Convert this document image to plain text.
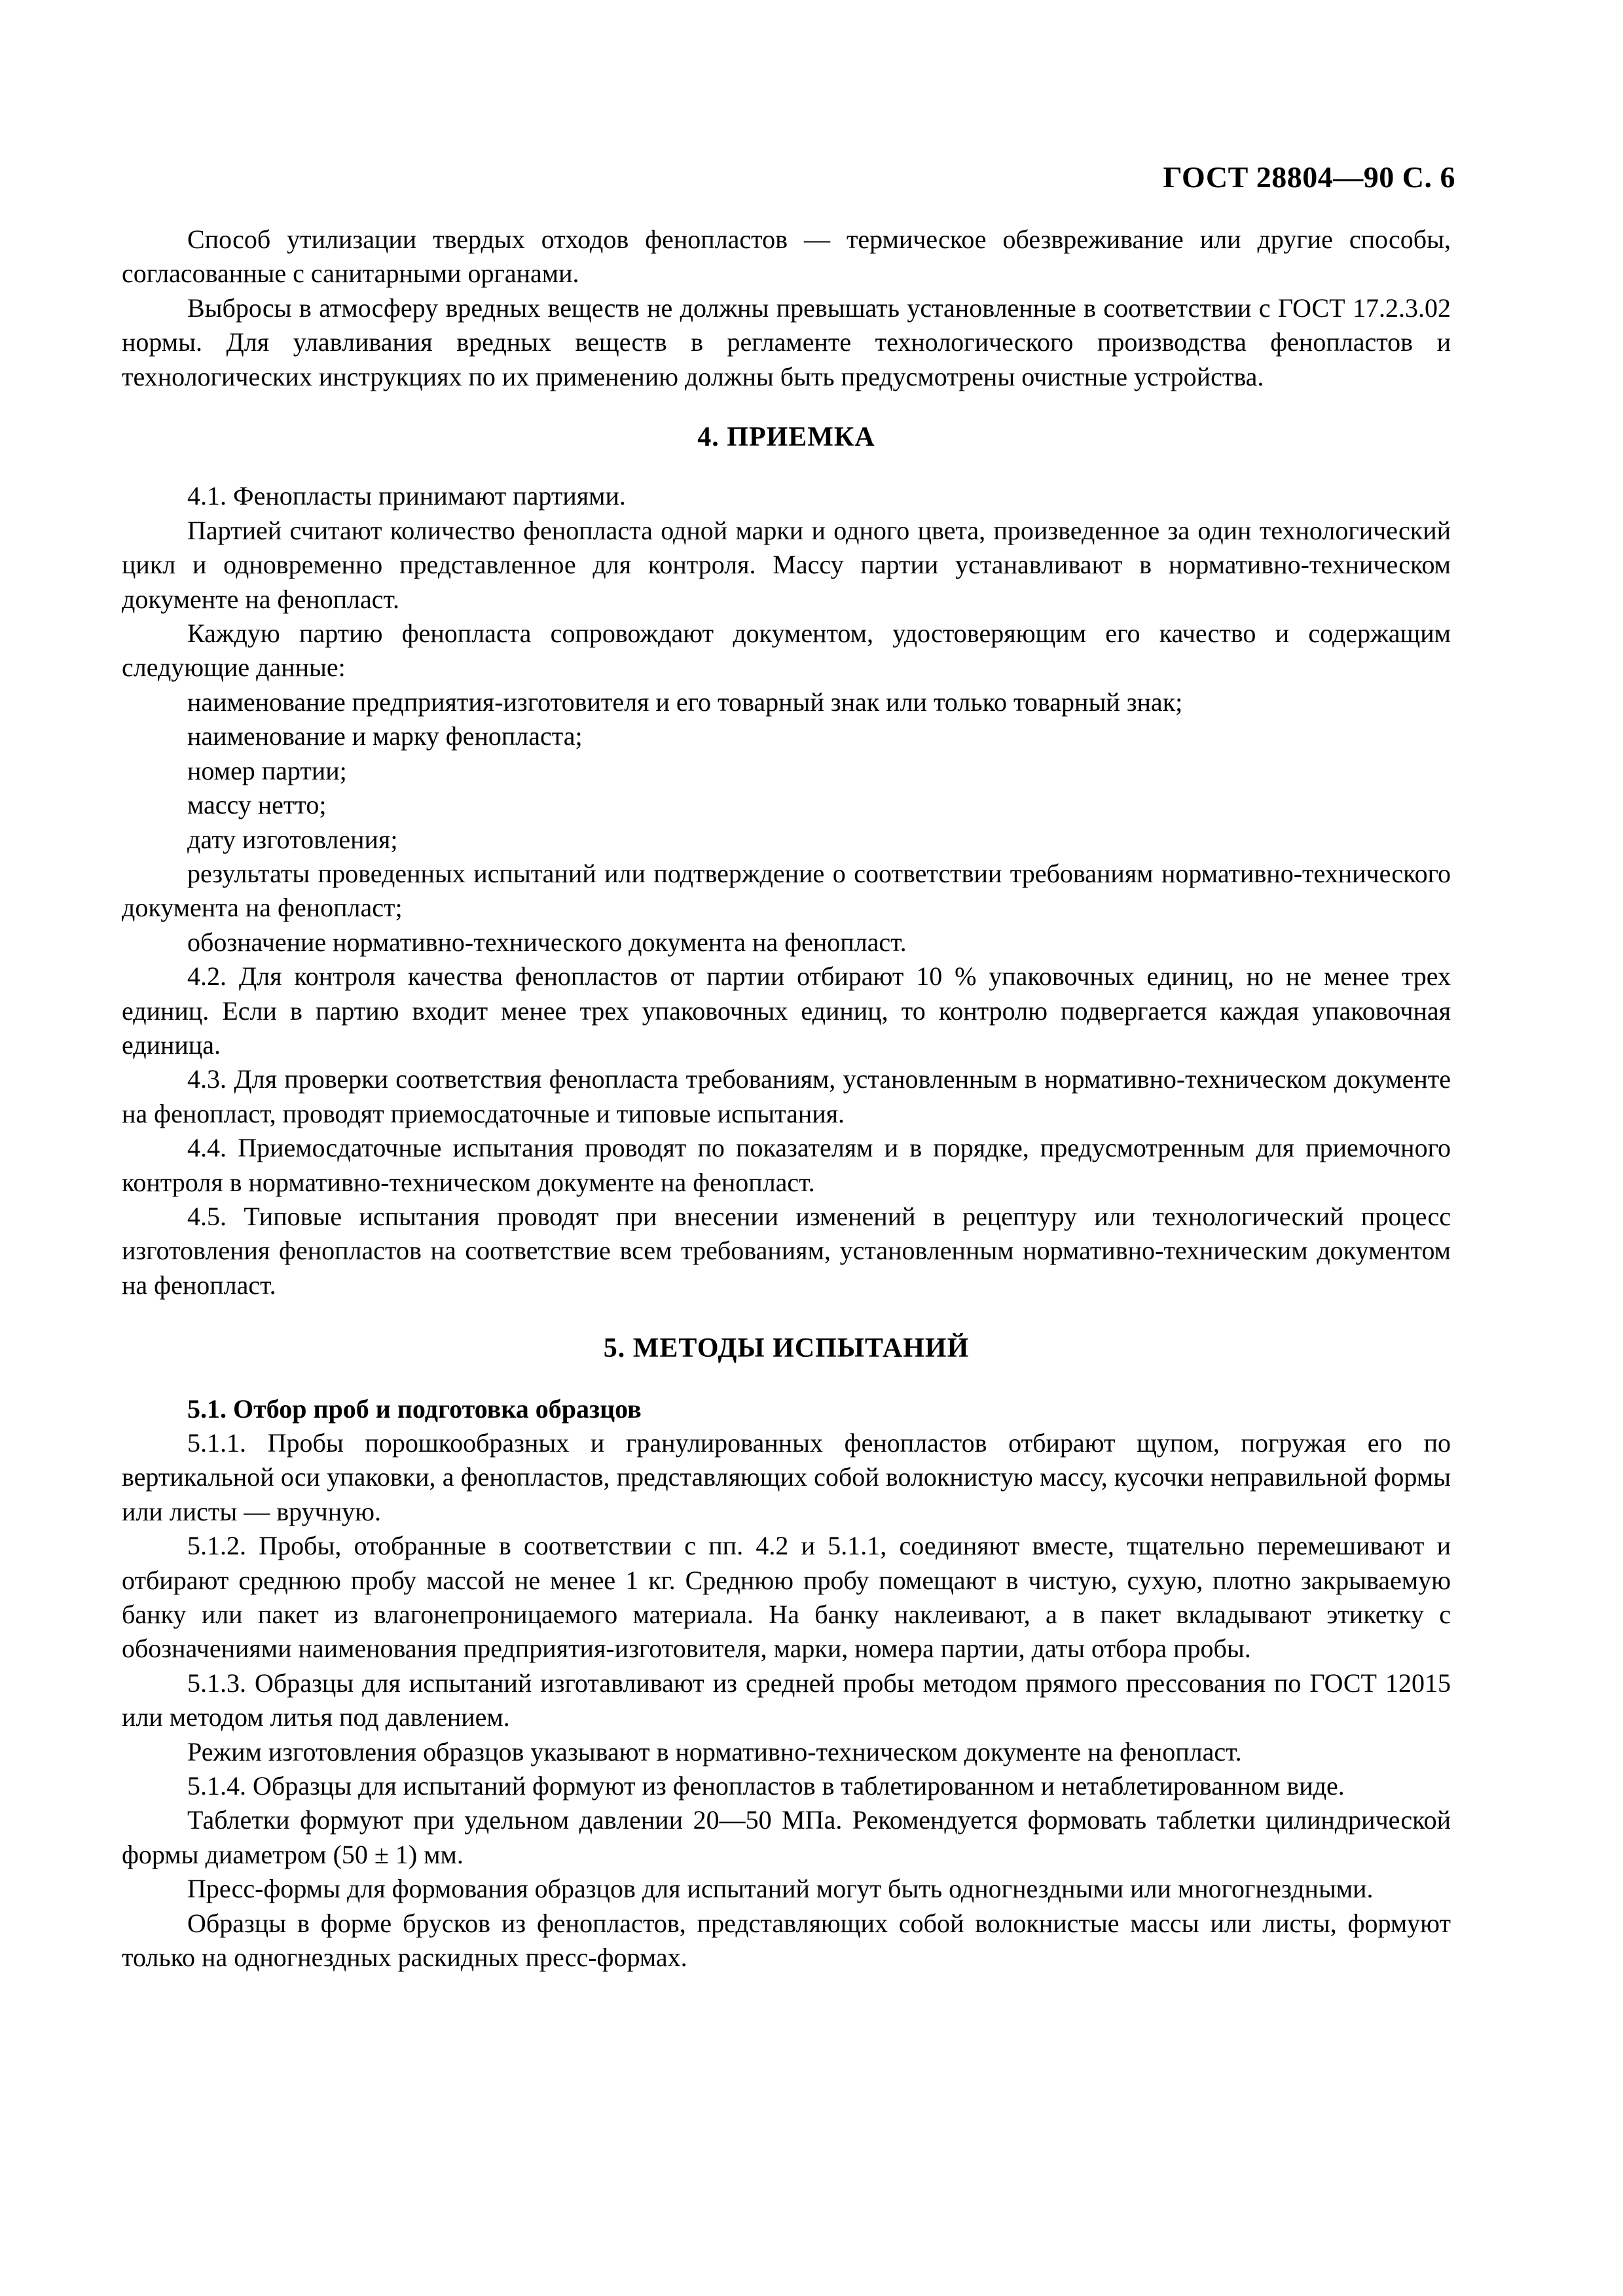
ГОСТ 28804—90 С. 6

Способ утилизации твердых отходов фенопластов — термическое обезвреживание или другие способы, согласованные с санитарными органами.

Выбросы в атмосферу вредных веществ не должны превышать установленные в соответствии с ГОСТ 17.2.3.02 нормы. Для улавливания вредных веществ в регламенте технологического производства фенопластов и технологических инструкциях по их применению должны быть предусмотрены очистные устройства.

4. ПРИЕМКА

4.1. Фенопласты принимают партиями.

Партией считают количество фенопласта одной марки и одного цвета, произведенное за один технологический цикл и одновременно представленное для контроля. Массу партии устанавливают в нормативно-техническом документе на фенопласт.

Каждую партию фенопласта сопровождают документом, удостоверяющим его качество и содержащим следующие данные:

наименование предприятия-изготовителя и его товарный знак или только товарный знак;

наименование и марку фенопласта;

номер партии;

массу нетто;

дату изготовления;

результаты проведенных испытаний или подтверждение о соответствии требованиям нормативно-технического документа на фенопласт;

обозначение нормативно-технического документа на фенопласт.

4.2. Для контроля качества фенопластов от партии отбирают 10 % упаковочных единиц, но не менее трех единиц. Если в партию входит менее трех упаковочных единиц, то контролю подвергается каждая упаковочная единица.

4.3. Для проверки соответствия фенопласта требованиям, установленным в нормативно-техническом документе на фенопласт, проводят приемосдаточные и типовые испытания.

4.4. Приемосдаточные испытания проводят по показателям и в порядке, предусмотренным для приемочного контроля в нормативно-техническом документе на фенопласт.

4.5. Типовые испытания проводят при внесении изменений в рецептуру или технологический процесс изготовления фенопластов на соответствие всем требованиям, установленным нормативно-техническим документом на фенопласт.

5. МЕТОДЫ ИСПЫТАНИЙ
5.1. Отбор проб и подготовка образцов

5.1.1. Пробы порошкообразных и гранулированных фенопластов отбирают щупом, погружая его по вертикальной оси упаковки, а фенопластов, представляющих собой волокнистую массу, кусочки неправильной формы или листы — вручную.

5.1.2. Пробы, отобранные в соответствии с пп. 4.2 и 5.1.1, соединяют вместе, тщательно перемешивают и отбирают среднюю пробу массой не менее 1 кг. Среднюю пробу помещают в чистую, сухую, плотно закрываемую банку или пакет из влагонепроницаемого материала. На банку наклеивают, а в пакет вкладывают этикетку с обозначениями наименования предприятия-изготовителя, марки, номера партии, даты отбора пробы.

5.1.3. Образцы для испытаний изготавливают из средней пробы методом прямого прессования по ГОСТ 12015 или методом литья под давлением.

Режим изготовления образцов указывают в нормативно-техническом документе на фенопласт.

5.1.4. Образцы для испытаний формуют из фенопластов в таблетированном и нетаблетированном виде.

Таблетки формуют при удельном давлении 20—50 МПа. Рекомендуется формовать таблетки цилиндрической формы диаметром (50 ± 1) мм.

Пресс-формы для формования образцов для испытаний могут быть одногнездными или многогнездными.

Образцы в форме брусков из фенопластов, представляющих собой волокнистые массы или листы, формуют только на одногнездных раскидных пресс-формах.
